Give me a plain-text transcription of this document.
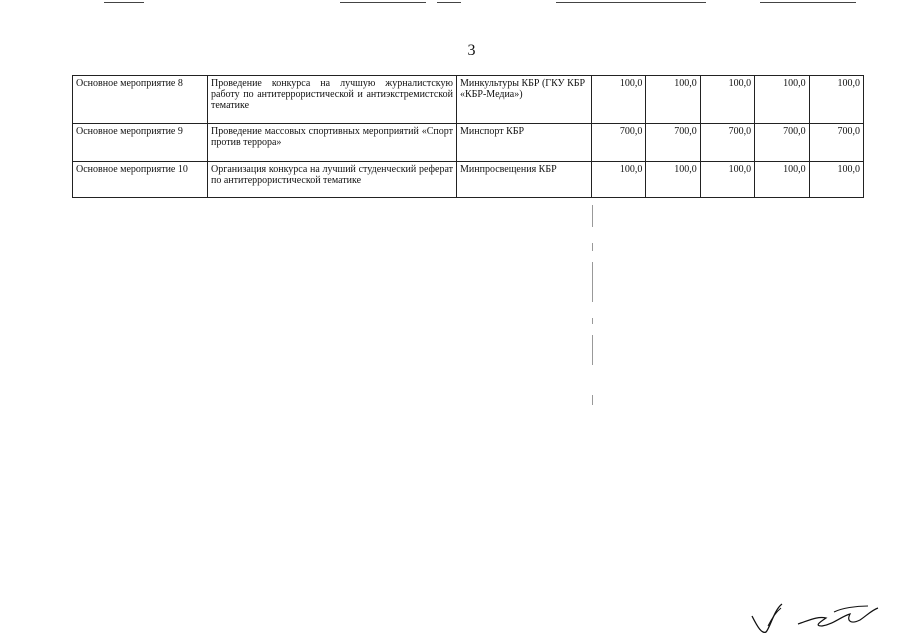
3
Основное мероприятие 8	Проведение конкурса на лучшую журналистскую работу по антитеррористической и антиэкстремистской тематике	Минкультуры КБР (ГКУ КБР «КБР-Медиа»)	100,0	100,0	100,0	100,0	100,0
Основное мероприятие 9	Проведение массовых спортивных мероприятий «Спорт против террора»	Минспорт КБР	700,0	700,0	700,0	700,0	700,0
Основное мероприятие 10	Организация конкурса на лучший студенческий реферат по антитеррористической тематике	Минпросвещения КБР	100,0	100,0	100,0	100,0	100,0
